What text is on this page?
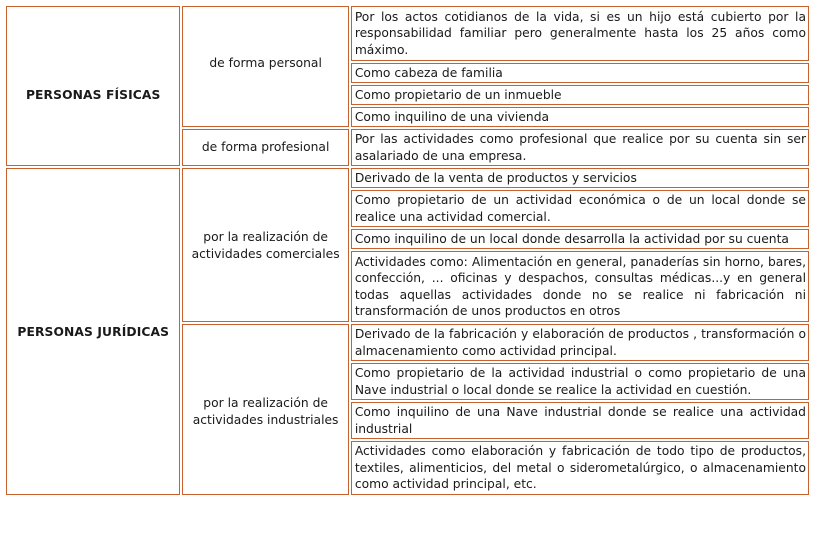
PERSONAS FÍSICAS	de forma personal	Por los actos cotidianos de la vida, si es un hijo está cubierto por la responsabilidad familiar pero generalmente hasta los 25 años como máximo.
		Como cabeza de familia
		Como propietario de un inmueble
		Como inquilino de una vivienda
	de forma profesional	Por las actividades como profesional que realice por su cuenta sin ser asalariado de una empresa.
PERSONAS JURÍDICAS	por la realización de actividades comerciales	Derivado de la venta de productos y servicios
		Como propietario de un actividad económica o de un local donde se realice una actividad comercial.
		Como inquilino de un local donde desarrolla la actividad por su cuenta
		Actividades como: Alimentación en general, panaderías sin horno, bares, confección, ... oficinas y despachos, consultas médicas...y en general todas aquellas actividades donde no se realice ni fabricación ni transformación de unos productos en otros
	por la realización de actividades industriales	Derivado de la fabricación y elaboración de productos , transformación o almacenamiento como actividad principal.
		Como propietario de la actividad industrial o como propietario de una Nave industrial o local donde se realice la actividad en cuestión.
		Como inquilino de una Nave industrial donde se realice una actividad industrial
		Actividades como elaboración y fabricación de todo tipo de productos, textiles, alimenticios, del metal o siderometalúrgico, o almacenamiento como actividad principal, etc.
